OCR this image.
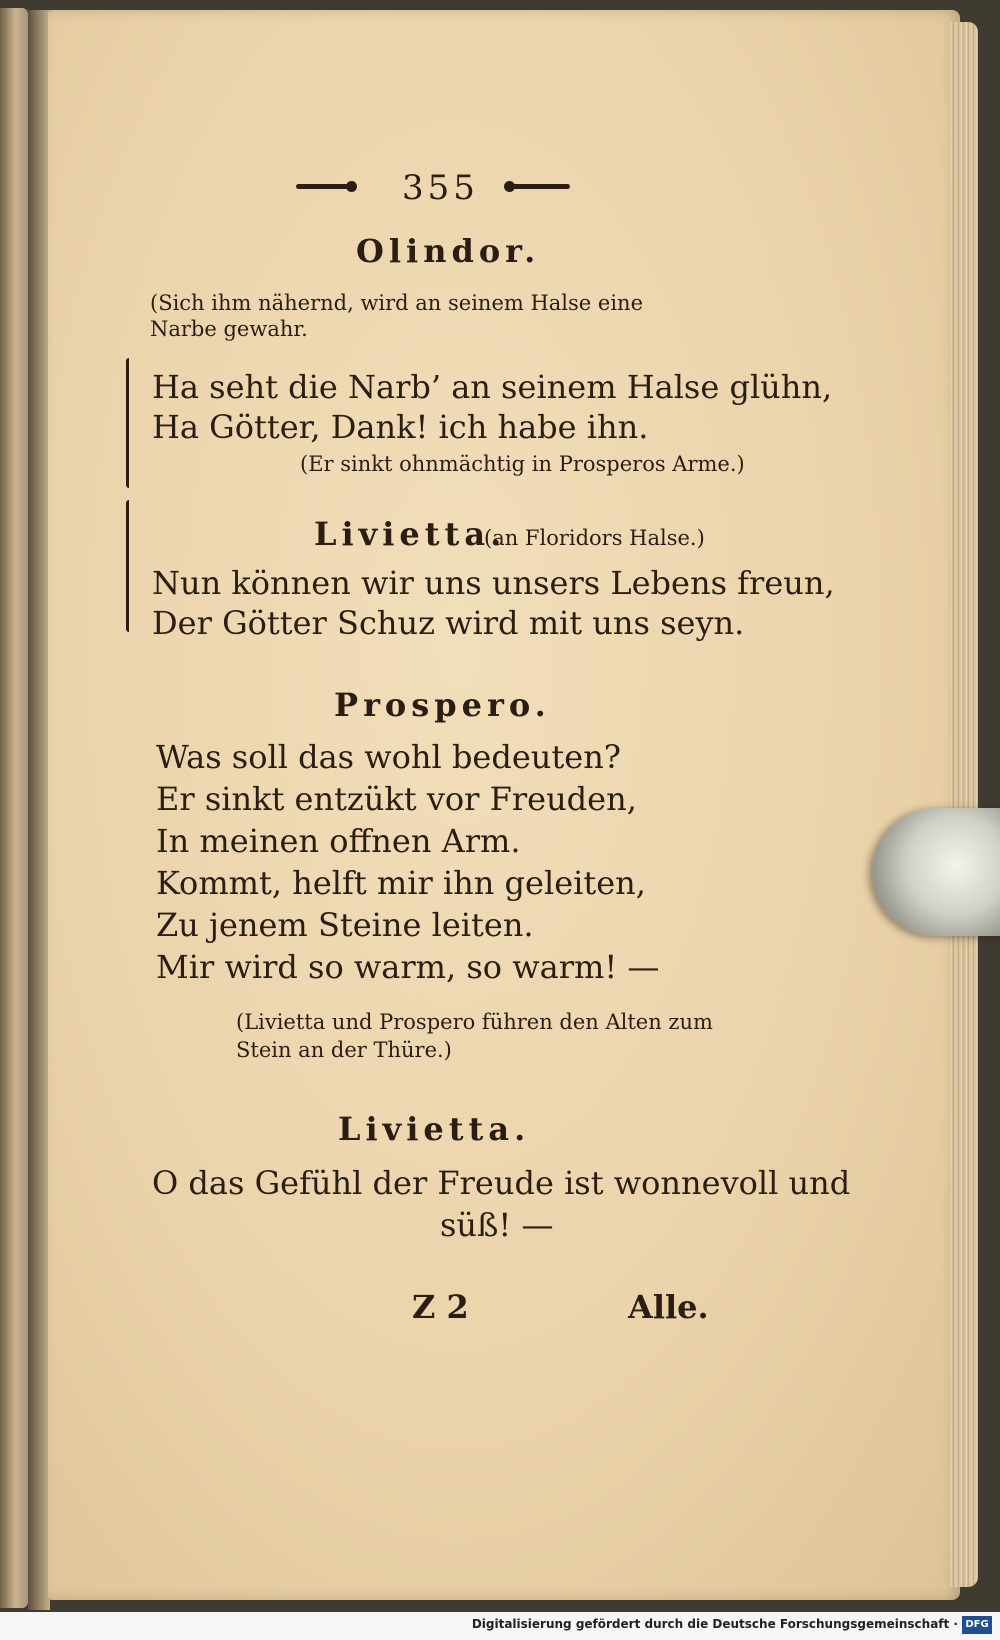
355
Olindor.
(Sich ihm nähernd, wird an seinem Halse eine Narbe gewahr.
Ha seht die Narb’ an seinem Halse glühn,
Ha Götter, Dank! ich habe ihn.
(Er sinkt ohnmächtig in Prosperos Arme.)
Livietta.
(an Floridors Halse.)
Nun können wir uns unsers Lebens freun,
Der Götter Schuz wird mit uns seyn.
Prospero.
Was soll das wohl bedeuten?
Er sinkt entzükt vor Freuden,
In meinen offnen Arm.
Kommt, helft mir ihn geleiten,
Zu jenem Steine leiten.
Mir wird so warm, so warm! —
(Livietta und Prospero führen den Alten zum Stein an der Thüre.)
Livietta.
O das Gefühl der Freude ist wonnevoll und
süß! —
Z 2	Alle.
Digitalisierung gefördert durch die Deutsche Forschungsgemeinschaft · DFG
